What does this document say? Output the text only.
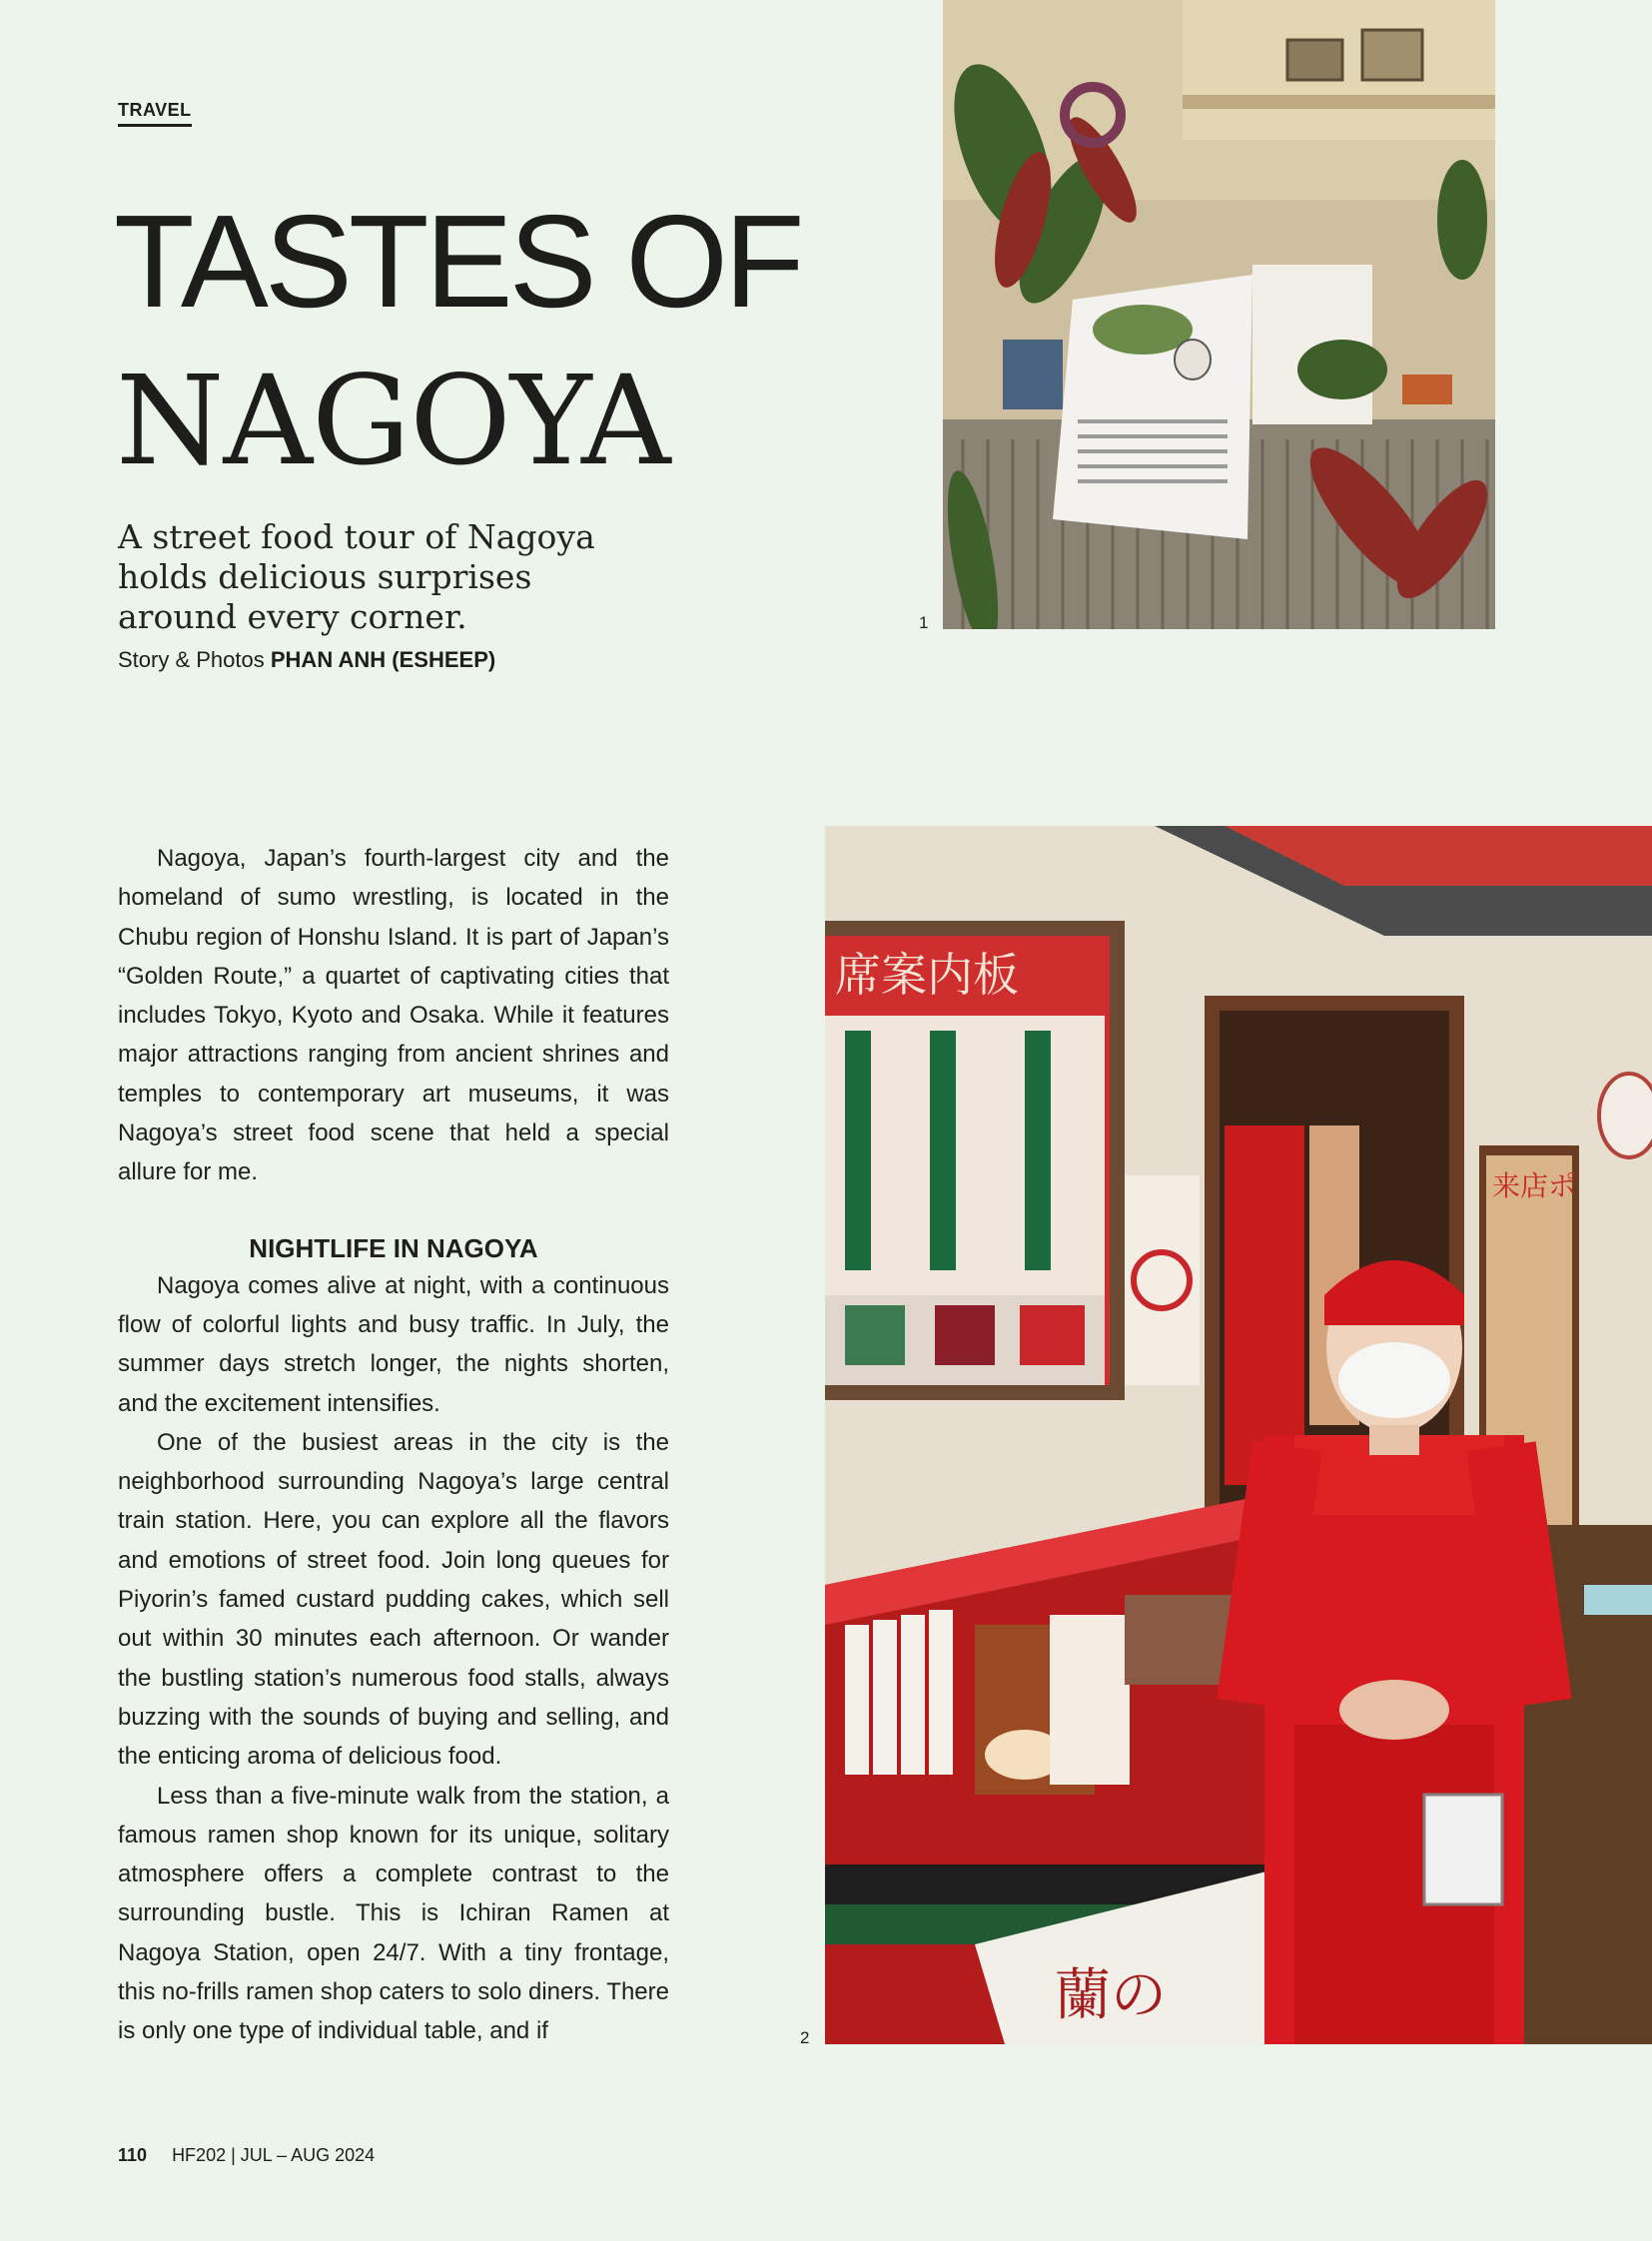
TRAVEL

TASTES OF
NAGOYA

A street food tour of Nagoya holds delicious surprises around every corner.

Story & Photos PHAN ANH (ESHEEP)

1

席案内板
来店ポ
蘭の

2

Nagoya, Japan’s fourth-largest city and the homeland of sumo wrestling, is located in the Chubu region of Honshu Island. It is part of Japan’s “Golden Route,” a quartet of captivating cities that includes Tokyo, Kyoto and Osaka. While it features major attractions ranging from ancient shrines and temples to contemporary art museums, it was Nagoya’s street food scene that held a special allure for me.

NIGHTLIFE IN NAGOYA

Nagoya comes alive at night, with a continuous flow of colorful lights and busy traffic. In July, the summer days stretch longer, the nights shorten, and the excitement intensifies.

One of the busiest areas in the city is the neighborhood surrounding Nagoya’s large central train station. Here, you can explore all the flavors and emotions of street food. Join long queues for Piyorin’s famed custard pudding cakes, which sell out within 30 minutes each afternoon. Or wander the bustling station’s numerous food stalls, always buzzing with the sounds of buying and selling, and the enticing aroma of delicious food.

Less than a five-minute walk from the station, a famous ramen shop known for its unique, solitary atmosphere offers a complete contrast to the surrounding bustle. This is Ichiran Ramen at Nagoya Station, open 24/7. With a tiny frontage, this no-frills ramen shop caters to solo diners. There is only one type of individual table, and if

110 HF202 | JUL – AUG 2024
